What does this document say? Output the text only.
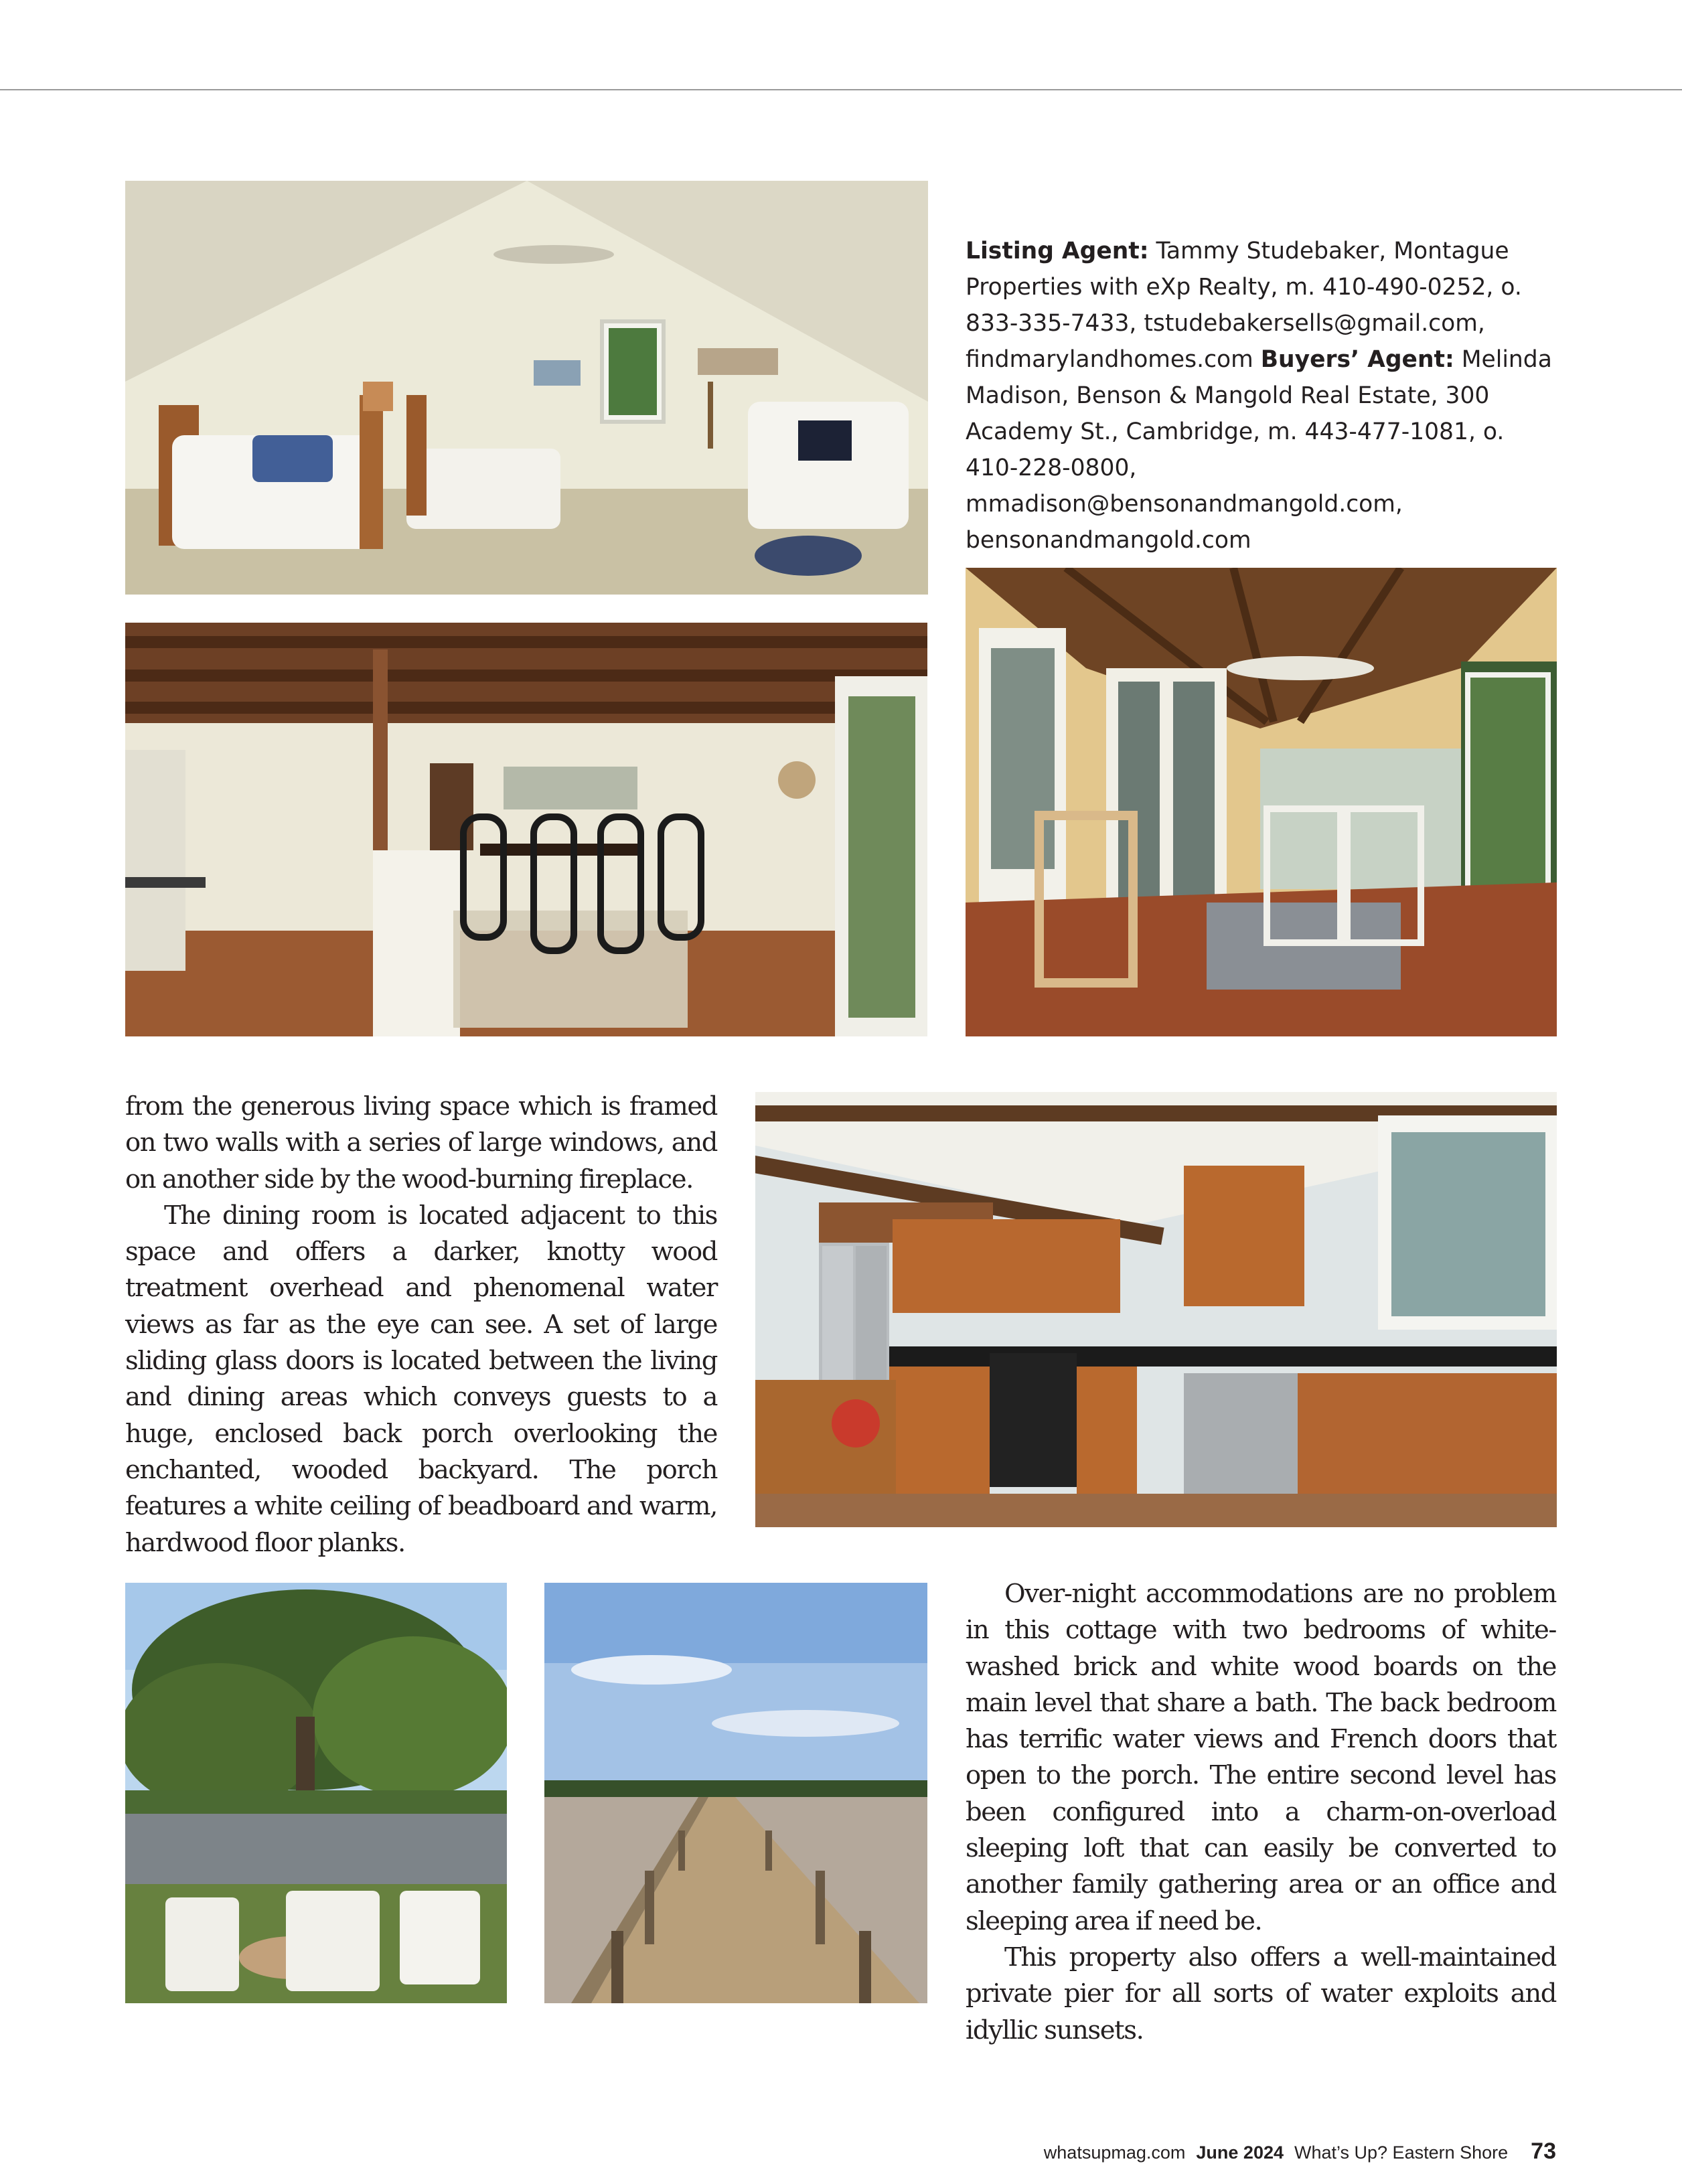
Listing Agent: Tammy Studebaker, Montague Properties with eXp Realty, m. 410-490-0252, o. 833-335-7433, tstudebakersells@gmail.com, findmarylandhomes.com Buyers’ Agent: Melinda Madison, Benson & Mangold Real Estate, 300 Academy St., Cambridge, m. 443-477-1081, o. 410-228-0800, mmadison@bensonandmangold.com, bensonandmangold.com

from the generous living space which is framed on two walls with a series of large windows, and on another side by the wood-burning fireplace.

The dining room is located adjacent to this space and offers a darker, knotty wood treatment overhead and phenomenal water views as far as the eye can see. A set of large sliding glass doors is located between the living and dining areas which conveys guests to a huge, enclosed back porch overlooking the enchanted, wooded backyard. The porch features a white ceiling of beadboard and warm, hardwood floor planks.

Over-night accommodations are no problem in this cottage with two bedrooms of white-washed brick and white wood boards on the main level that share a bath. The back bedroom has terrific water views and French doors that open to the porch. The entire second level has been configured into a charm-on-overload sleeping loft that can easily be converted to another family gathering area or an office and sleeping area if need be.

This property also offers a well-maintained private pier for all sorts of water exploits and idyllic sunsets.

whatsupmag.com June 2024 What’s Up? Eastern Shore 73
